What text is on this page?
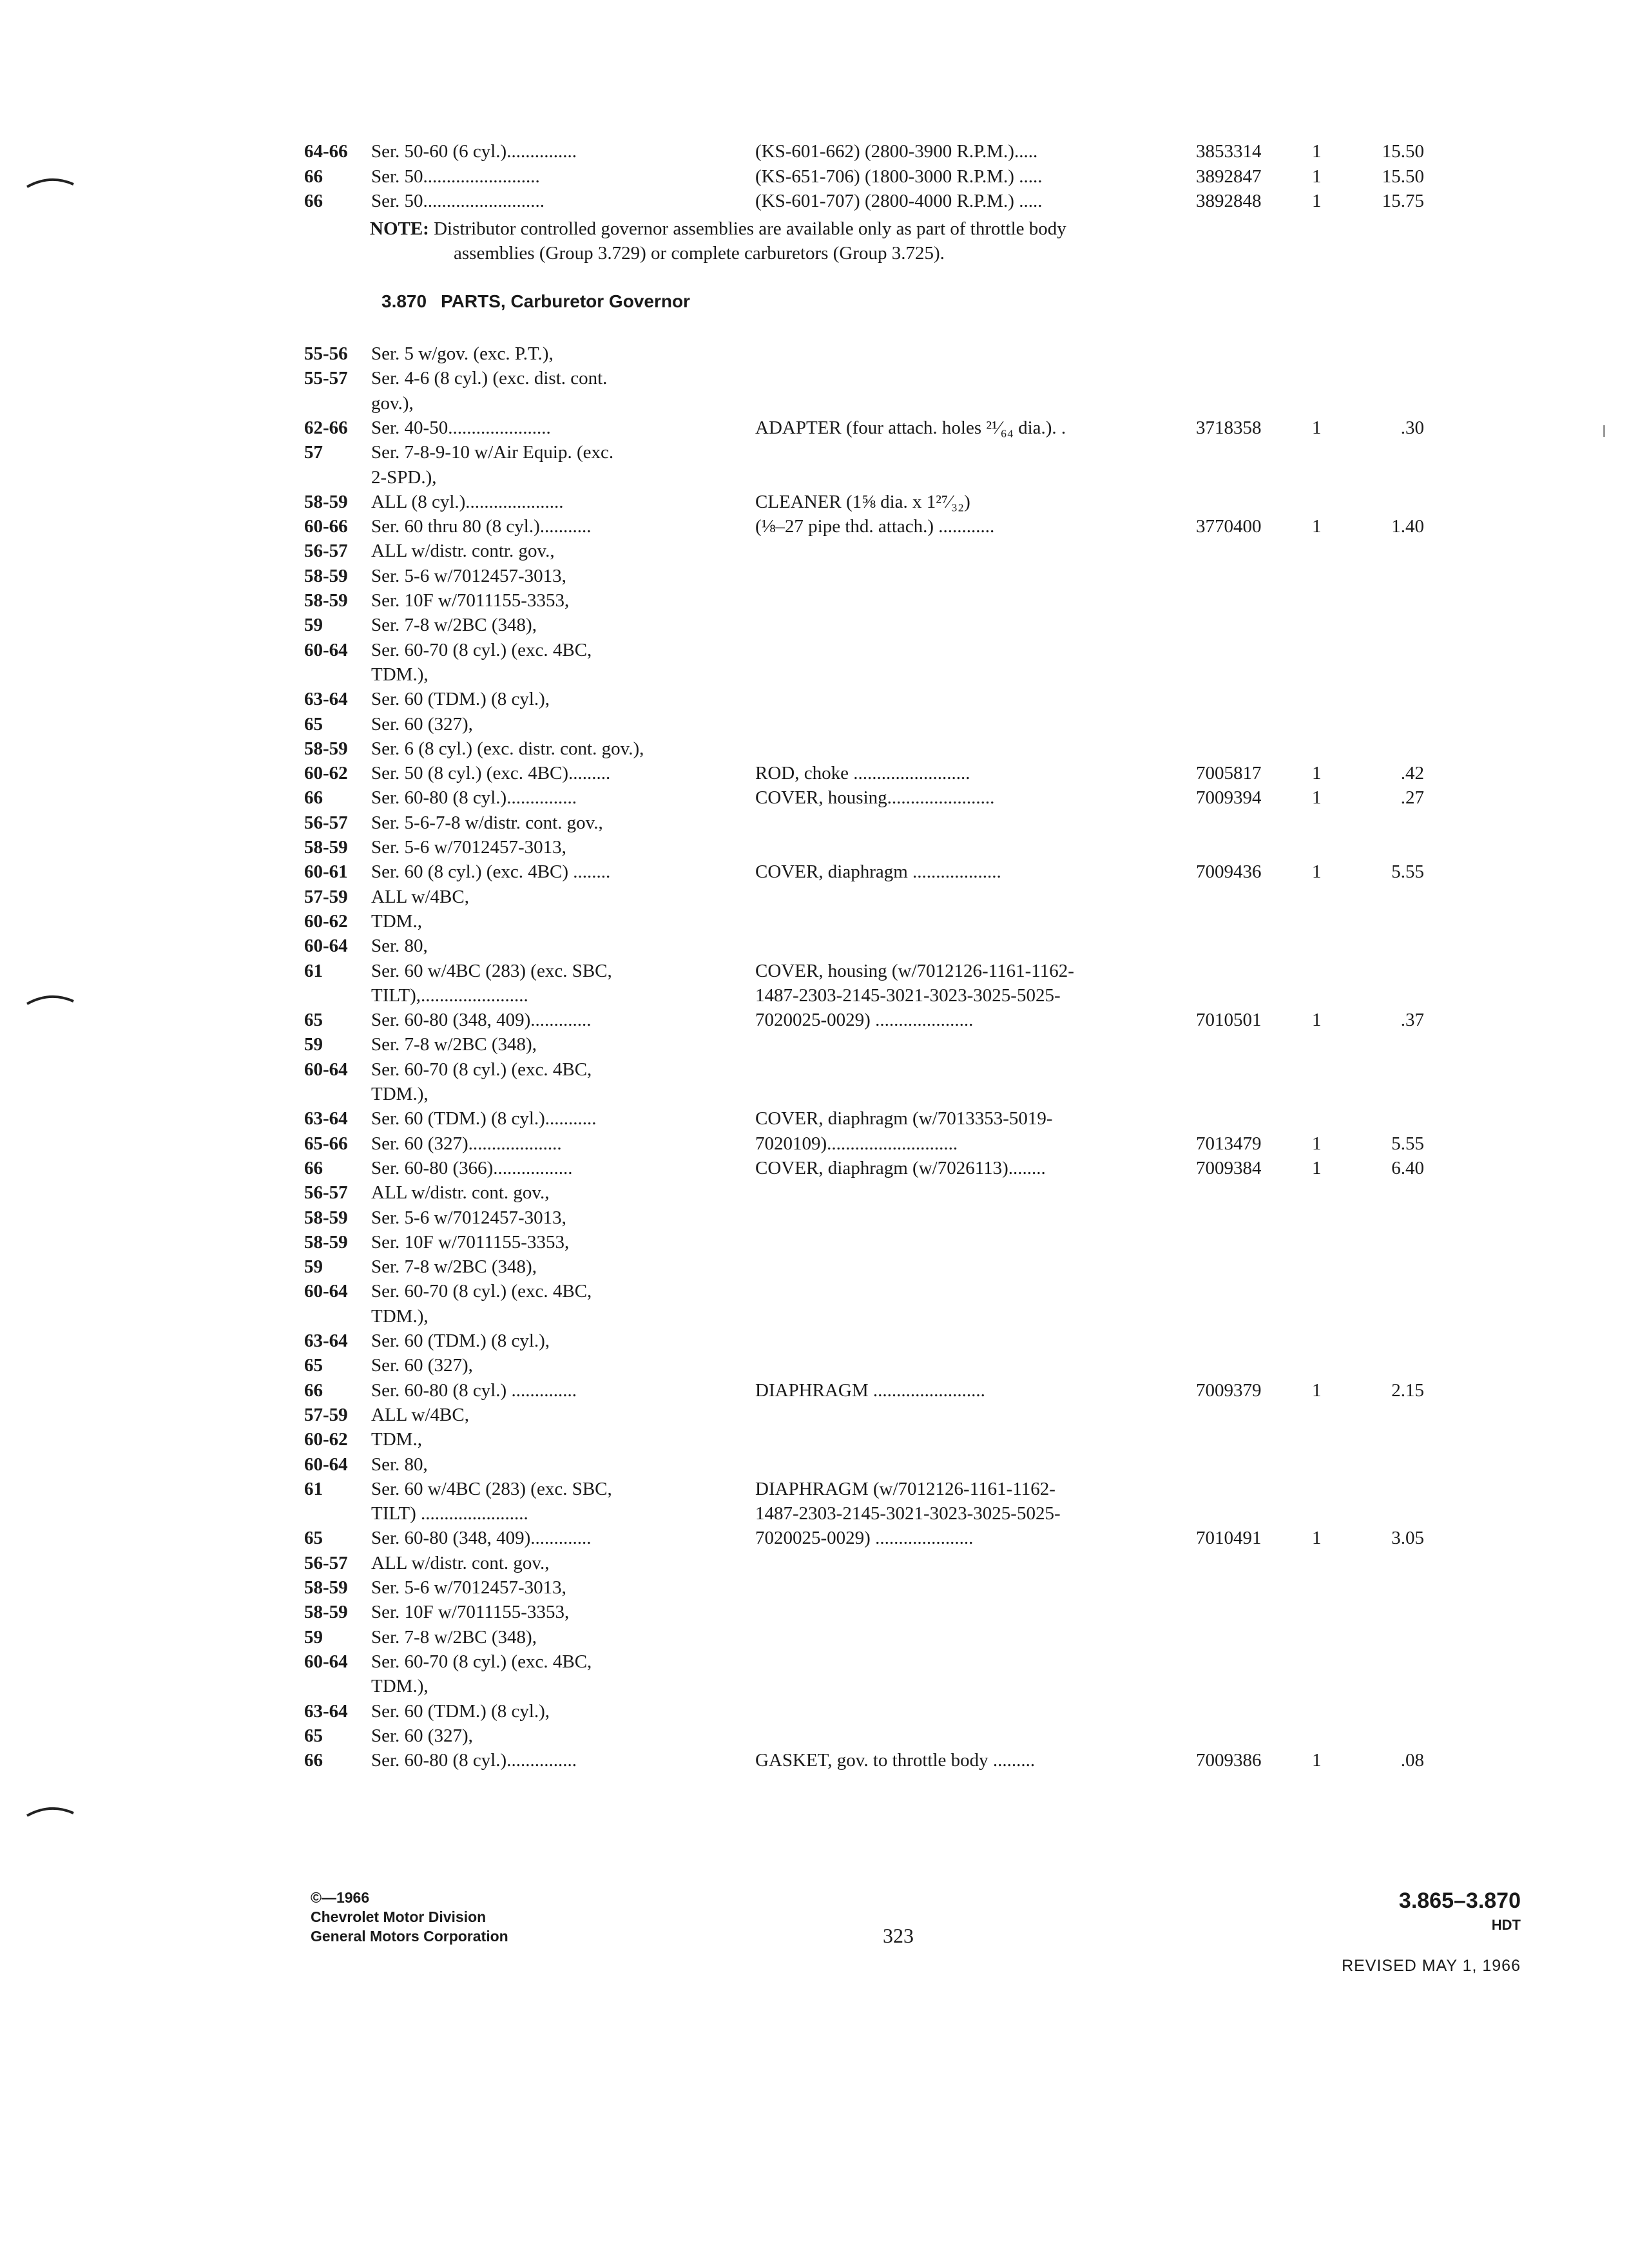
64-66 Ser. 50-60 (6 cyl.)...............	(KS-601-662) (2800-3900 R.P.M.).....	3853314	1	15.50
66	Ser. 50.........................	(KS-651-706) (1800-3000 R.P.M.) .....	3892847	1	15.50
66	Ser. 50..........................	(KS-601-707) (2800-4000 R.P.M.) .....	3892848	1	15.75
NOTE: Distributor controlled governor assemblies are available only as part of throttle body
assemblies (Group 3.729) or complete carburetors (Group 3.725).
3.870 PARTS, Carburetor Governor
55-56 Ser. 5 w/gov. (exc. P.T.),
55-57 Ser. 4-6 (8 cyl.) (exc. dist. cont.
gov.),
62-66 Ser. 40-50......................	ADAPTER (four attach. holes ²¹⁄₆₄ dia.). .	3718358	1	.30
57	Ser. 7-8-9-10 w/Air Equip. (exc.
2-SPD.),
58-59 ALL (8 cyl.).....................	CLEANER (1⅝ dia. x 1²⁷⁄₃₂)
60-66 Ser. 60 thru 80 (8 cyl.)...........	(⅛–27 pipe thd. attach.) ............	3770400	1	1.40
56-57 ALL w/distr. contr. gov.,
58-59 Ser. 5-6 w/7012457-3013,
58-59 Ser. 10F w/7011155-3353,
59	Ser. 7-8 w/2BC (348),
60-64 Ser. 60-70 (8 cyl.) (exc. 4BC,
TDM.),
63-64 Ser. 60 (TDM.) (8 cyl.),
65	Ser. 60 (327),
58-59 Ser. 6 (8 cyl.) (exc. distr. cont. gov.),
60-62 Ser. 50 (8 cyl.) (exc. 4BC).........	ROD, choke .........................	7005817	1	.42
66	Ser. 60-80 (8 cyl.)...............	COVER, housing.......................	7009394	1	.27
56-57 Ser. 5-6-7-8 w/distr. cont. gov.,
58-59 Ser. 5-6 w/7012457-3013,
60-61 Ser. 60 (8 cyl.) (exc. 4BC) ........	COVER, diaphragm ...................	7009436	1	5.55
57-59 ALL w/4BC,
60-62 TDM.,
60-64 Ser. 80,
61	Ser. 60 w/4BC (283) (exc. SBC,	COVER, housing (w/7012126-1161-1162-
TILT),.......................	1487-2303-2145-3021-3023-3025-5025-
65	Ser. 60-80 (348, 409).............	7020025-0029) .....................	7010501	1	.37
59	Ser. 7-8 w/2BC (348),
60-64 Ser. 60-70 (8 cyl.) (exc. 4BC,
TDM.),
63-64 Ser. 60 (TDM.) (8 cyl.)...........	COVER, diaphragm (w/7013353-5019-
65-66 Ser. 60 (327)....................	7020109)............................	7013479	1	5.55
66	Ser. 60-80 (366).................	COVER, diaphragm (w/7026113)........	7009384	1	6.40
56-57 ALL w/distr. cont. gov.,
58-59 Ser. 5-6 w/7012457-3013,
58-59 Ser. 10F w/7011155-3353,
59	Ser. 7-8 w/2BC (348),
60-64 Ser. 60-70 (8 cyl.) (exc. 4BC,
TDM.),
63-64 Ser. 60 (TDM.) (8 cyl.),
65	Ser. 60 (327),
66	Ser. 60-80 (8 cyl.) ..............	DIAPHRAGM ........................	7009379	1	2.15
57-59 ALL w/4BC,
60-62 TDM.,
60-64 Ser. 80,
61	Ser. 60 w/4BC (283) (exc. SBC,	DIAPHRAGM (w/7012126-1161-1162-
TILT) .......................	1487-2303-2145-3021-3023-3025-5025-
65	Ser. 60-80 (348, 409).............	7020025-0029) .....................	7010491	1	3.05
56-57 ALL w/distr. cont. gov.,
58-59 Ser. 5-6 w/7012457-3013,
58-59 Ser. 10F w/7011155-3353,
59	Ser. 7-8 w/2BC (348),
60-64 Ser. 60-70 (8 cyl.) (exc. 4BC,
TDM.),
63-64 Ser. 60 (TDM.) (8 cyl.),
65	Ser. 60 (327),
66	Ser. 60-80 (8 cyl.)...............	GASKET, gov. to throttle body .........	7009386	1	.08
©—1966
Chevrolet Motor Division
General Motors Corporation	323
3.865–3.870
HDT
REVISED MAY 1, 1966
